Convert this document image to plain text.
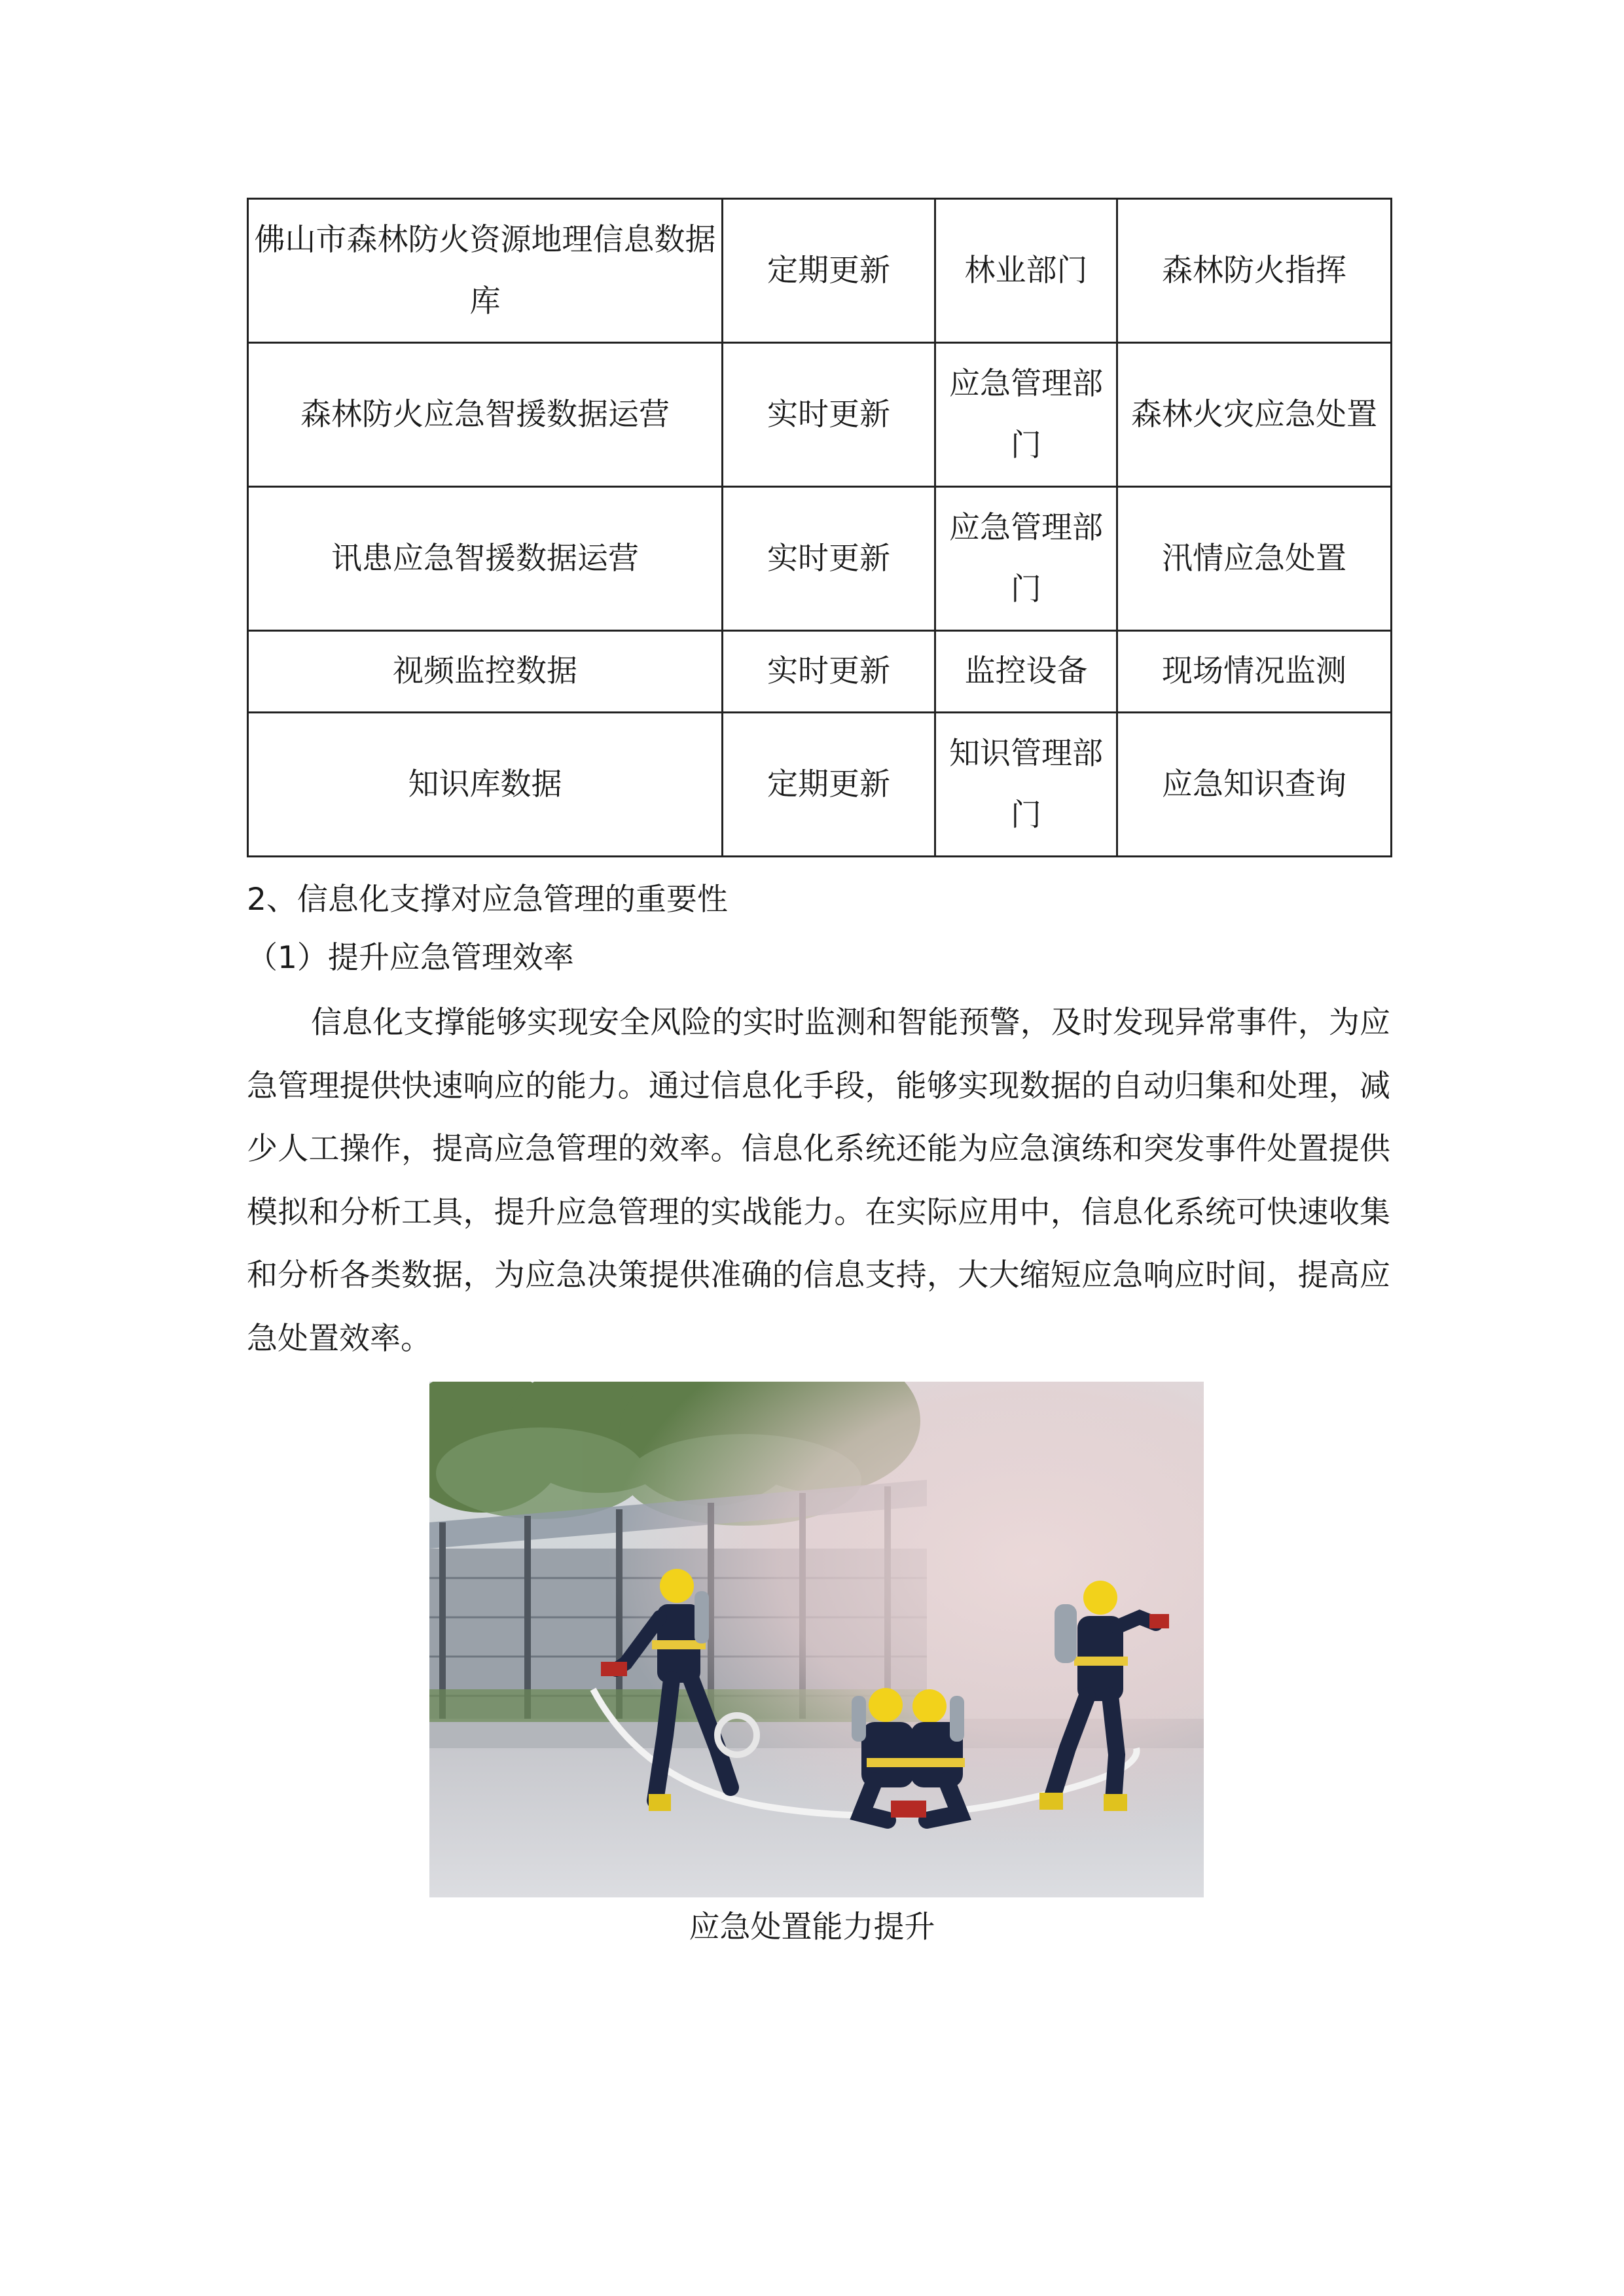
佛山市森林防火资源地理信息数据库	定期更新	林业部门	森林防火指挥
森林防火应急智援数据运营	实时更新	应急管理部门	森林火灾应急处置
讯患应急智援数据运营	实时更新	应急管理部门	汛情应急处置
视频监控数据	实时更新	监控设备	现场情况监测
知识库数据	定期更新	知识管理部门	应急知识查询
2、信息化支撑对应急管理的重要性
（1）提升应急管理效率

信息化支撑能够实现安全风险的实时监测和智能预警，及时发现异常事件，为应急管理提供快速响应的能力。通过信息化手段，能够实现数据的自动归集和处理，减少人工操作，提高应急管理的效率。信息化系统还能为应急演练和突发事件处置提供模拟和分析工具，提升应急管理的实战能力。在实际应用中，信息化系统可快速收集和分析各类数据，为应急决策提供准确的信息支持，大大缩短应急响应时间，提高应急处置效率。

应急处置能力提升
